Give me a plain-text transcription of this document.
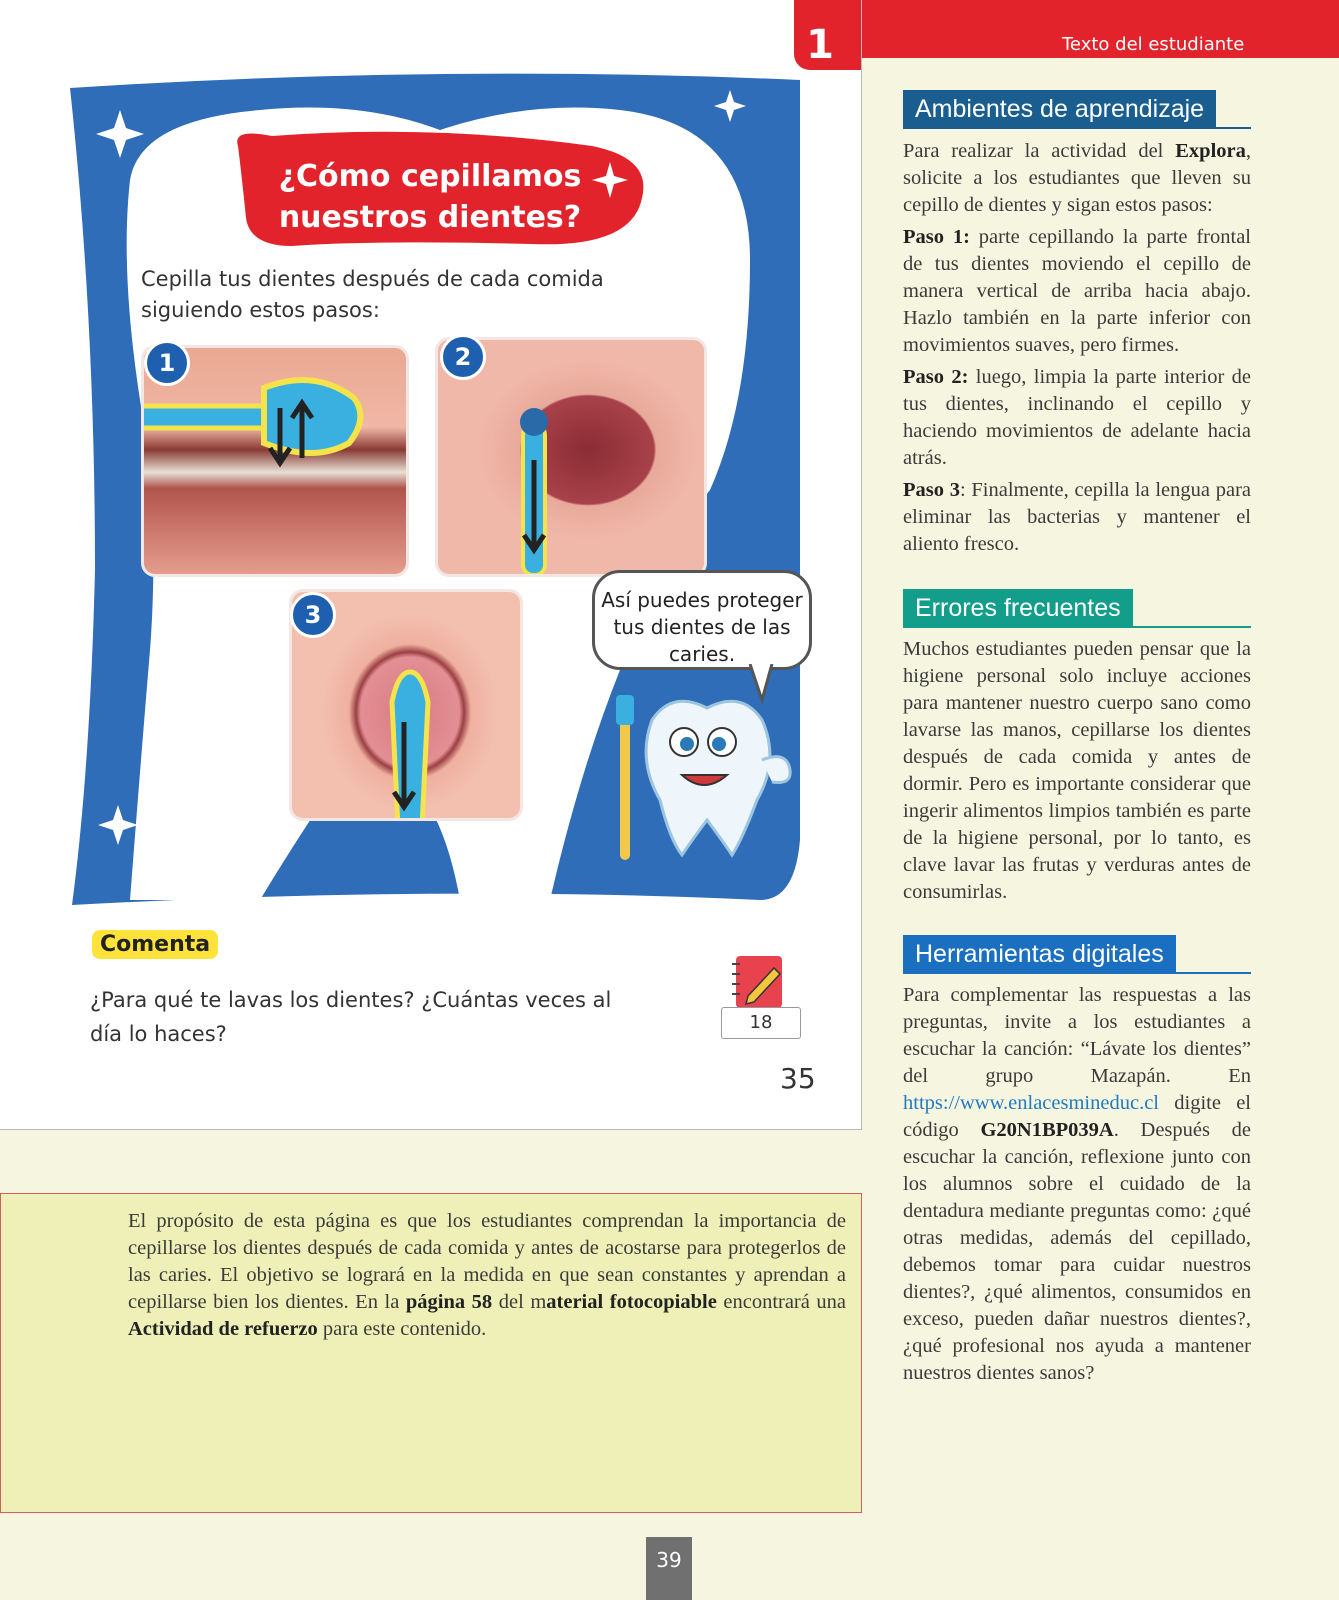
1
¿Cómo cepillamos
nuestros dientes?
Cepilla tus dientes después de cada comida
siguiendo estos pasos:
1	2
3
Así puedes proteger
tus dientes de las
caries.
Comenta
¿Para qué te lavas los dientes? ¿Cuántas veces al
día lo haces?	18
35
Texto del estudiante
Ambientes de aprendizaje

Para realizar la actividad del Explora, solicite a los estudiantes que lleven su cepillo de dientes y sigan estos pasos:

Paso 1: parte cepillando la parte frontal de tus dientes moviendo el cepillo de manera vertical de arriba hacia abajo. Hazlo también en la parte inferior con movimientos suaves, pero firmes.

Paso 2: luego, limpia la parte interior de tus dientes, inclinando el cepillo y haciendo movimientos de adelante hacia atrás.

Paso 3: Finalmente, cepilla la lengua para eliminar las bacterias y mantener el aliento fresco.

Errores frecuentes

Muchos estudiantes pueden pensar que la higiene personal solo incluye acciones para mantener nuestro cuerpo sano como lavarse las manos, cepillarse los dientes después de cada comida y antes de dormir. Pero es importante considerar que ingerir alimentos limpios también es parte de la higiene personal, por lo tanto, es clave lavar las frutas y verduras antes de consumirlas.

Herramientas digitales

Para complementar las respuestas a las preguntas, invite a los estudiantes a escuchar la canción: “Lávate los dientes” del grupo Mazapán. En https://www.enlacesmineduc.cl digite el código G20N1BP039A. Después de escuchar la canción, reflexione junto con los alumnos sobre el cuidado de la dentadura mediante preguntas como: ¿qué otras medidas, además del cepillado, debemos tomar para cuidar nuestros dientes?, ¿qué alimentos, consumidos en exceso, pueden dañar nuestros dientes?, ¿qué profesional nos ayuda a mantener nuestros dientes sanos?

El propósito de esta página es que los estudiantes comprendan la importancia de cepillarse los dientes después de cada comida y antes de acostarse para protegerlos de las caries. El objetivo se logrará en la medida en que sean constantes y aprendan a cepillarse bien los dientes. En la página 58 del material fotocopiable encontrará una Actividad de refuerzo para este contenido.
39
